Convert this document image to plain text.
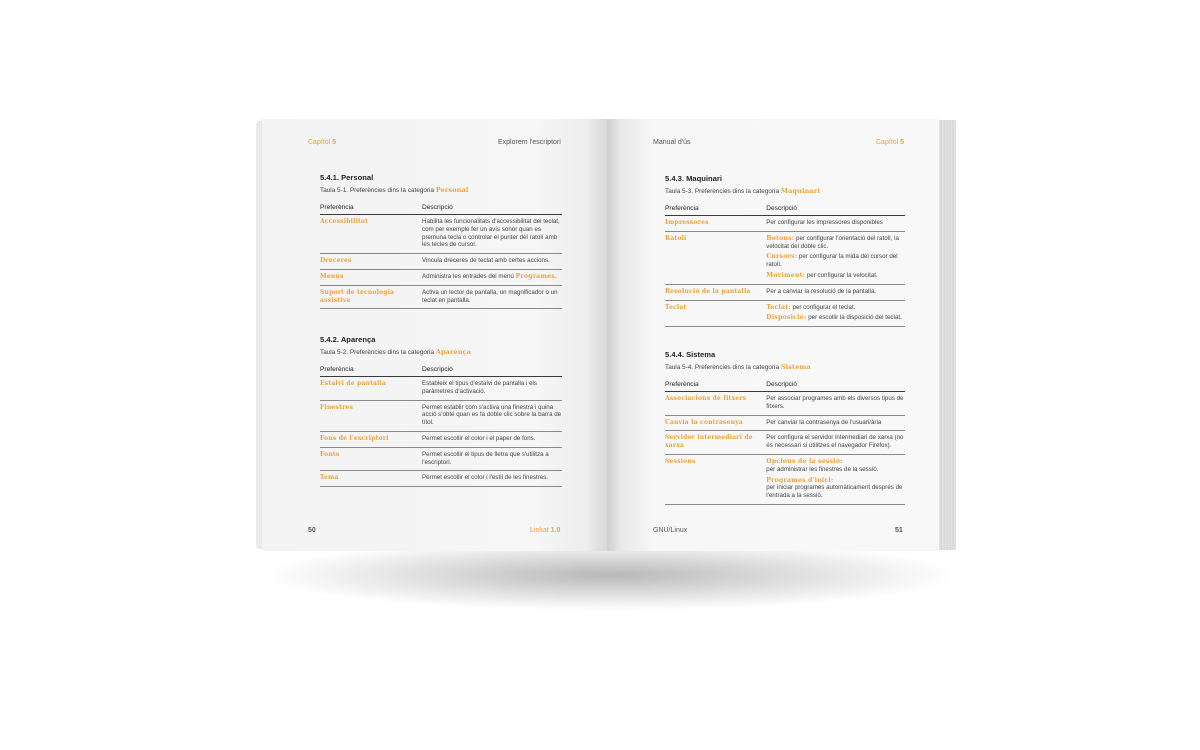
Capítol 5	Explorem l'escriptori
5.4.1. Personal
Taula 5-1. Preferències dins la categoria Personal
Preferència	Descripció
Accessibilitat	Habilita les funcionalitats d'accessibilitat del teclat, com per exemple fer un avís sonor quan es premuna tecla o controlar el punter del ratolí amb les tecles de cursor.
Dreceres	Vincula dreceres de teclat amb certes accions.
Menús	Administra les entrades del menú Programes.
Suport de tecnologia assistiva	Activa un lector de pantalla, un magnificador o un teclat en pantalla.
5.4.2. Aparença
Taula 5-2. Preferències dins la categoria Aparença
Preferència	Descripció
Estalvi de pantalla	Estableix el tipus d'estalvi de pantalla i els paràmetres d'activació.
Finestres	Permet establir com s'activa una finestra i quina acció s'obté quan es fa doble clic sobre la barra de títol.
Fons de l'escriptori	Permet escollir el color i el paper de fons.
Fonts	Permet escollir el tipus de lletra que s'utilitza a l'escriptori.
Tema	Permet escollir el color i l'estil de les finestres.
50	Linkat 1.0
Manual d'ús	Capítol 5
5.4.3. Maquinari
Taula 5-3. Preferències dins la categoria Maquinari
Preferència	Descripció
Impressores	Per configurar les impressores disponibles
Ratolí	Botons: per configurar l'orientació del ratolí, la velocitat del doble clic.
Cursors: per configurar la mida del cursor del ratolí.
Moviment: per configurar la velocitat.

Resolució de la pantalla	Per a canviar la resolució de la pantalla.
Teclat	Teclat: per configurar el teclat.
Disposició: per escollir la disposició del teclat.
5.4.4. Sistema
Taula 5-4. Preferències dins la categoria Sistema
Preferència	Descripció
Associacions de fitxers	Per associar programes amb els diversos tipus de fitxers.
Canvia la contrasenya	Per canviar la contrasenya de l'usuari/ària
Servidor intermediari de xarxa	Per configura el servidor intermediari de xarxa (no és necessari si utilitzes el navegador Firefox).
Sessions	Opcions de la sessió:
per administrar les finestres de la sessió.
Programes d'inici:
per iniciar programes automàticament després de l'entrada a la sessió.
GNU/Linux	51
